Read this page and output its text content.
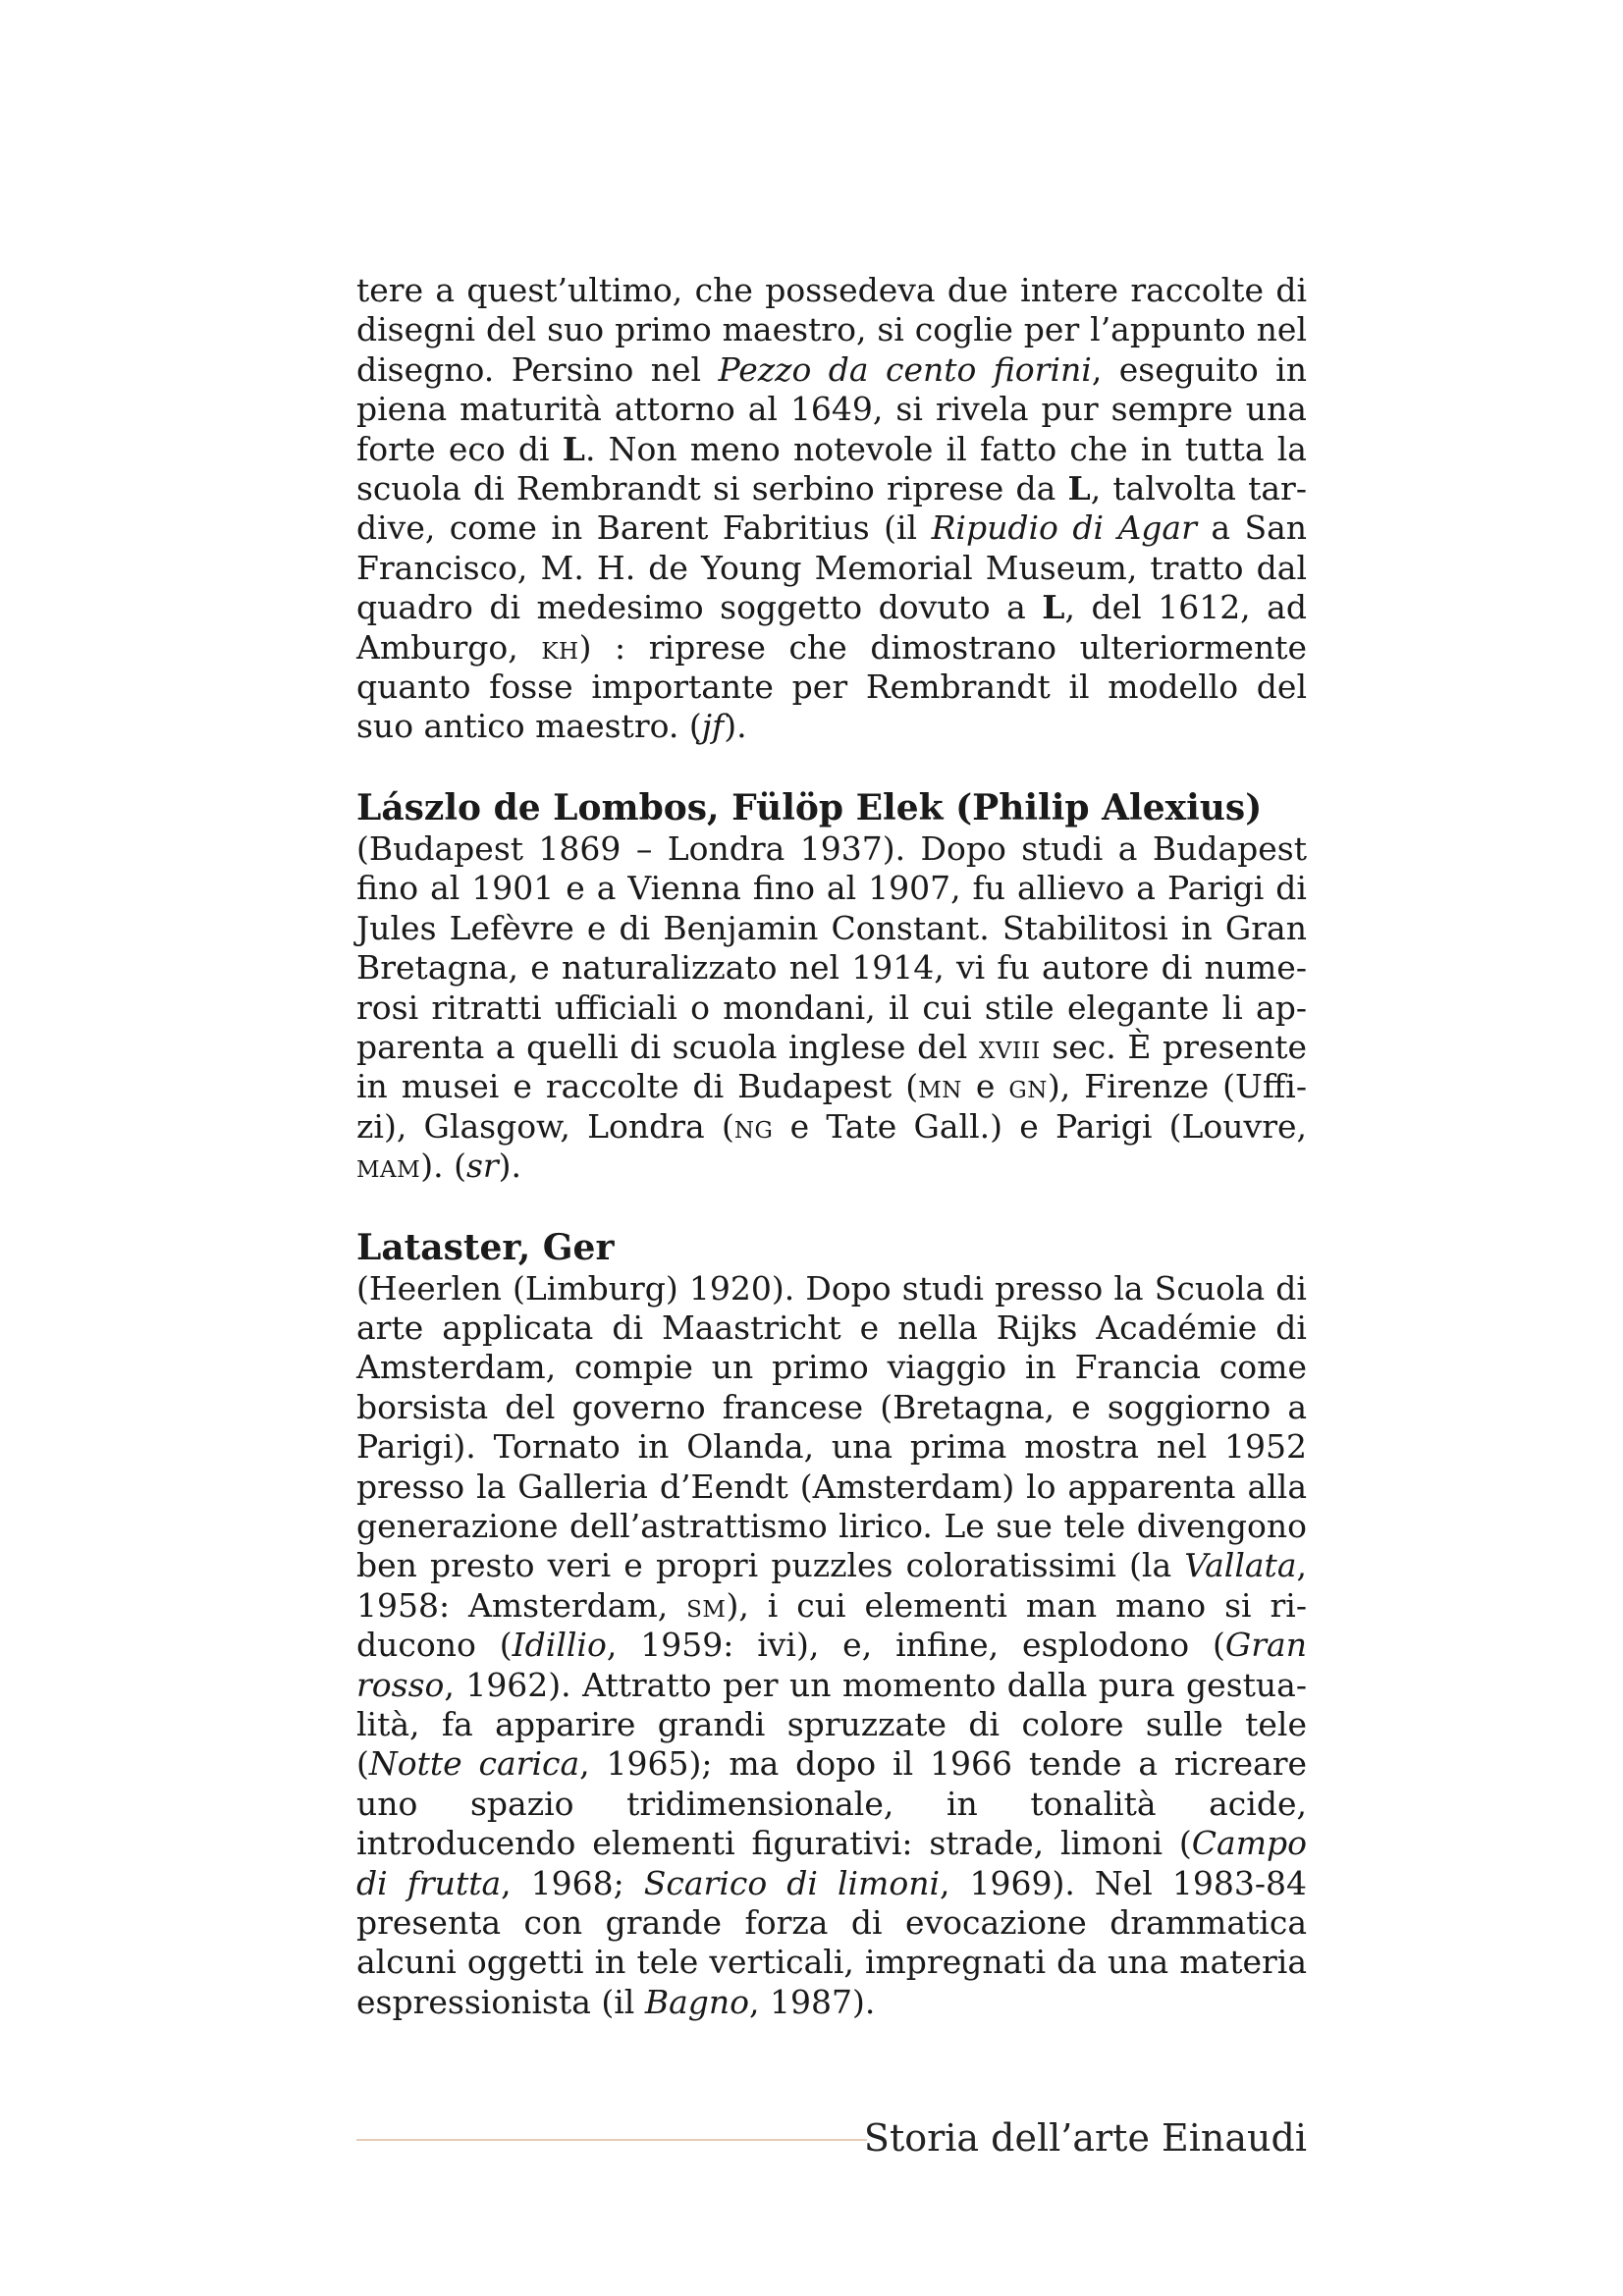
tere a quest’ultimo, che possedeva due intere raccolte di disegni del suo primo maestro, si coglie per l’appunto nel disegno. Persino nel Pezzo da cento fiorini, eseguito in piena maturità attorno al 1649, si rivela pur sempre una forte eco di L. Non meno notevole il fatto che in tutta la scuola di Rembrandt si serbino riprese da L, talvolta tardive, come in Barent Fabritius (il Ripudio di Agar a San Francisco, M. H. de Young Memorial Museum, tratto dal quadro di medesimo soggetto dovuto a L, del 1612, ad Amburgo, kh) : riprese che dimostrano ulteriormente quanto fosse importante per Rembrandt il modello del suo antico maestro. (jf).

Lászlo de Lombos, Fülöp Elek (Philip Alexius)

(Budapest 1869 – Londra 1937). Dopo studi a Budapest fino al 1901 e a Vienna fino al 1907, fu allievo a Parigi di Jules Lefèvre e di Benjamin Constant. Stabilitosi in Gran Bretagna, e naturalizzato nel 1914, vi fu autore di numerosi ritratti ufficiali o mondani, il cui stile elegante li apparenta a quelli di scuola inglese del xviii sec. È presente in musei e raccolte di Budapest (mn e gn), Firenze (Uffizi), Glasgow, Londra (ng e Tate Gall.) e Parigi (Louvre, mam). (sr).

Lataster, Ger

(Heerlen (Limburg) 1920). Dopo studi presso la Scuola di arte applicata di Maastricht e nella Rijks Académie di Amsterdam, compie un primo viaggio in Francia come borsista del governo francese (Bretagna, e soggiorno a Parigi). Tornato in Olanda, una prima mostra nel 1952 presso la Galleria d’Eendt (Amsterdam) lo apparenta alla generazione dell’astrattismo lirico. Le sue tele divengono ben presto veri e propri puzzles coloratissimi (la Vallata, 1958: Amsterdam, sm), i cui elementi man mano si riducono (Idillio, 1959: ivi), e, infine, esplodono (Gran rosso, 1962). Attratto per un momento dalla pura gestualità, fa apparire grandi spruzzate di colore sulle tele (Notte carica, 1965); ma dopo il 1966 tende a ricreare uno spazio tridimensionale, in tonalità acide, introducendo elementi figurativi: strade, limoni (Campo di frutta, 1968; Scarico di limoni, 1969). Nel 1983-84 presenta con grande forza di evocazione drammatica alcuni oggetti in tele verticali, impregnati da una materia espressionista (il Bagno, 1987).

Storia dell’arte Einaudi
